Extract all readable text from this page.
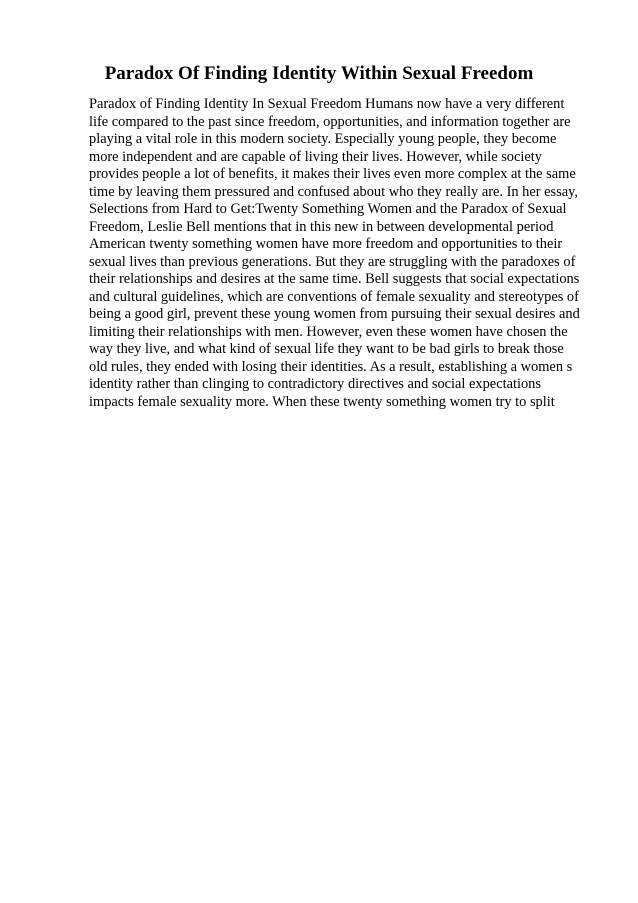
Paradox Of Finding Identity Within Sexual Freedom
Paradox of Finding Identity In Sexual Freedom Humans now have a very different
life compared to the past since freedom, opportunities, and information together are
playing a vital role in this modern society. Especially young people, they become
more independent and are capable of living their lives. However, while society
provides people a lot of benefits, it makes their lives even more complex at the same
time by leaving them pressured and confused about who they really are. In her essay,
Selections from Hard to Get:Twenty Something Women and the Paradox of Sexual
Freedom, Leslie Bell mentions that in this new in between developmental period
American twenty something women have more freedom and opportunities to their
sexual lives than previous generations. But they are struggling with the paradoxes of
their relationships and desires at the same time. Bell suggests that social expectations
and cultural guidelines, which are conventions of female sexuality and stereotypes of
being a good girl, prevent these young women from pursuing their sexual desires and
limiting their relationships with men. However, even these women have chosen the
way they live, and what kind of sexual life they want to be bad girls to break those
old rules, they ended with losing their identities. As a result, establishing a women s
identity rather than clinging to contradictory directives and social expectations
impacts female sexuality more. When these twenty something women try to split
